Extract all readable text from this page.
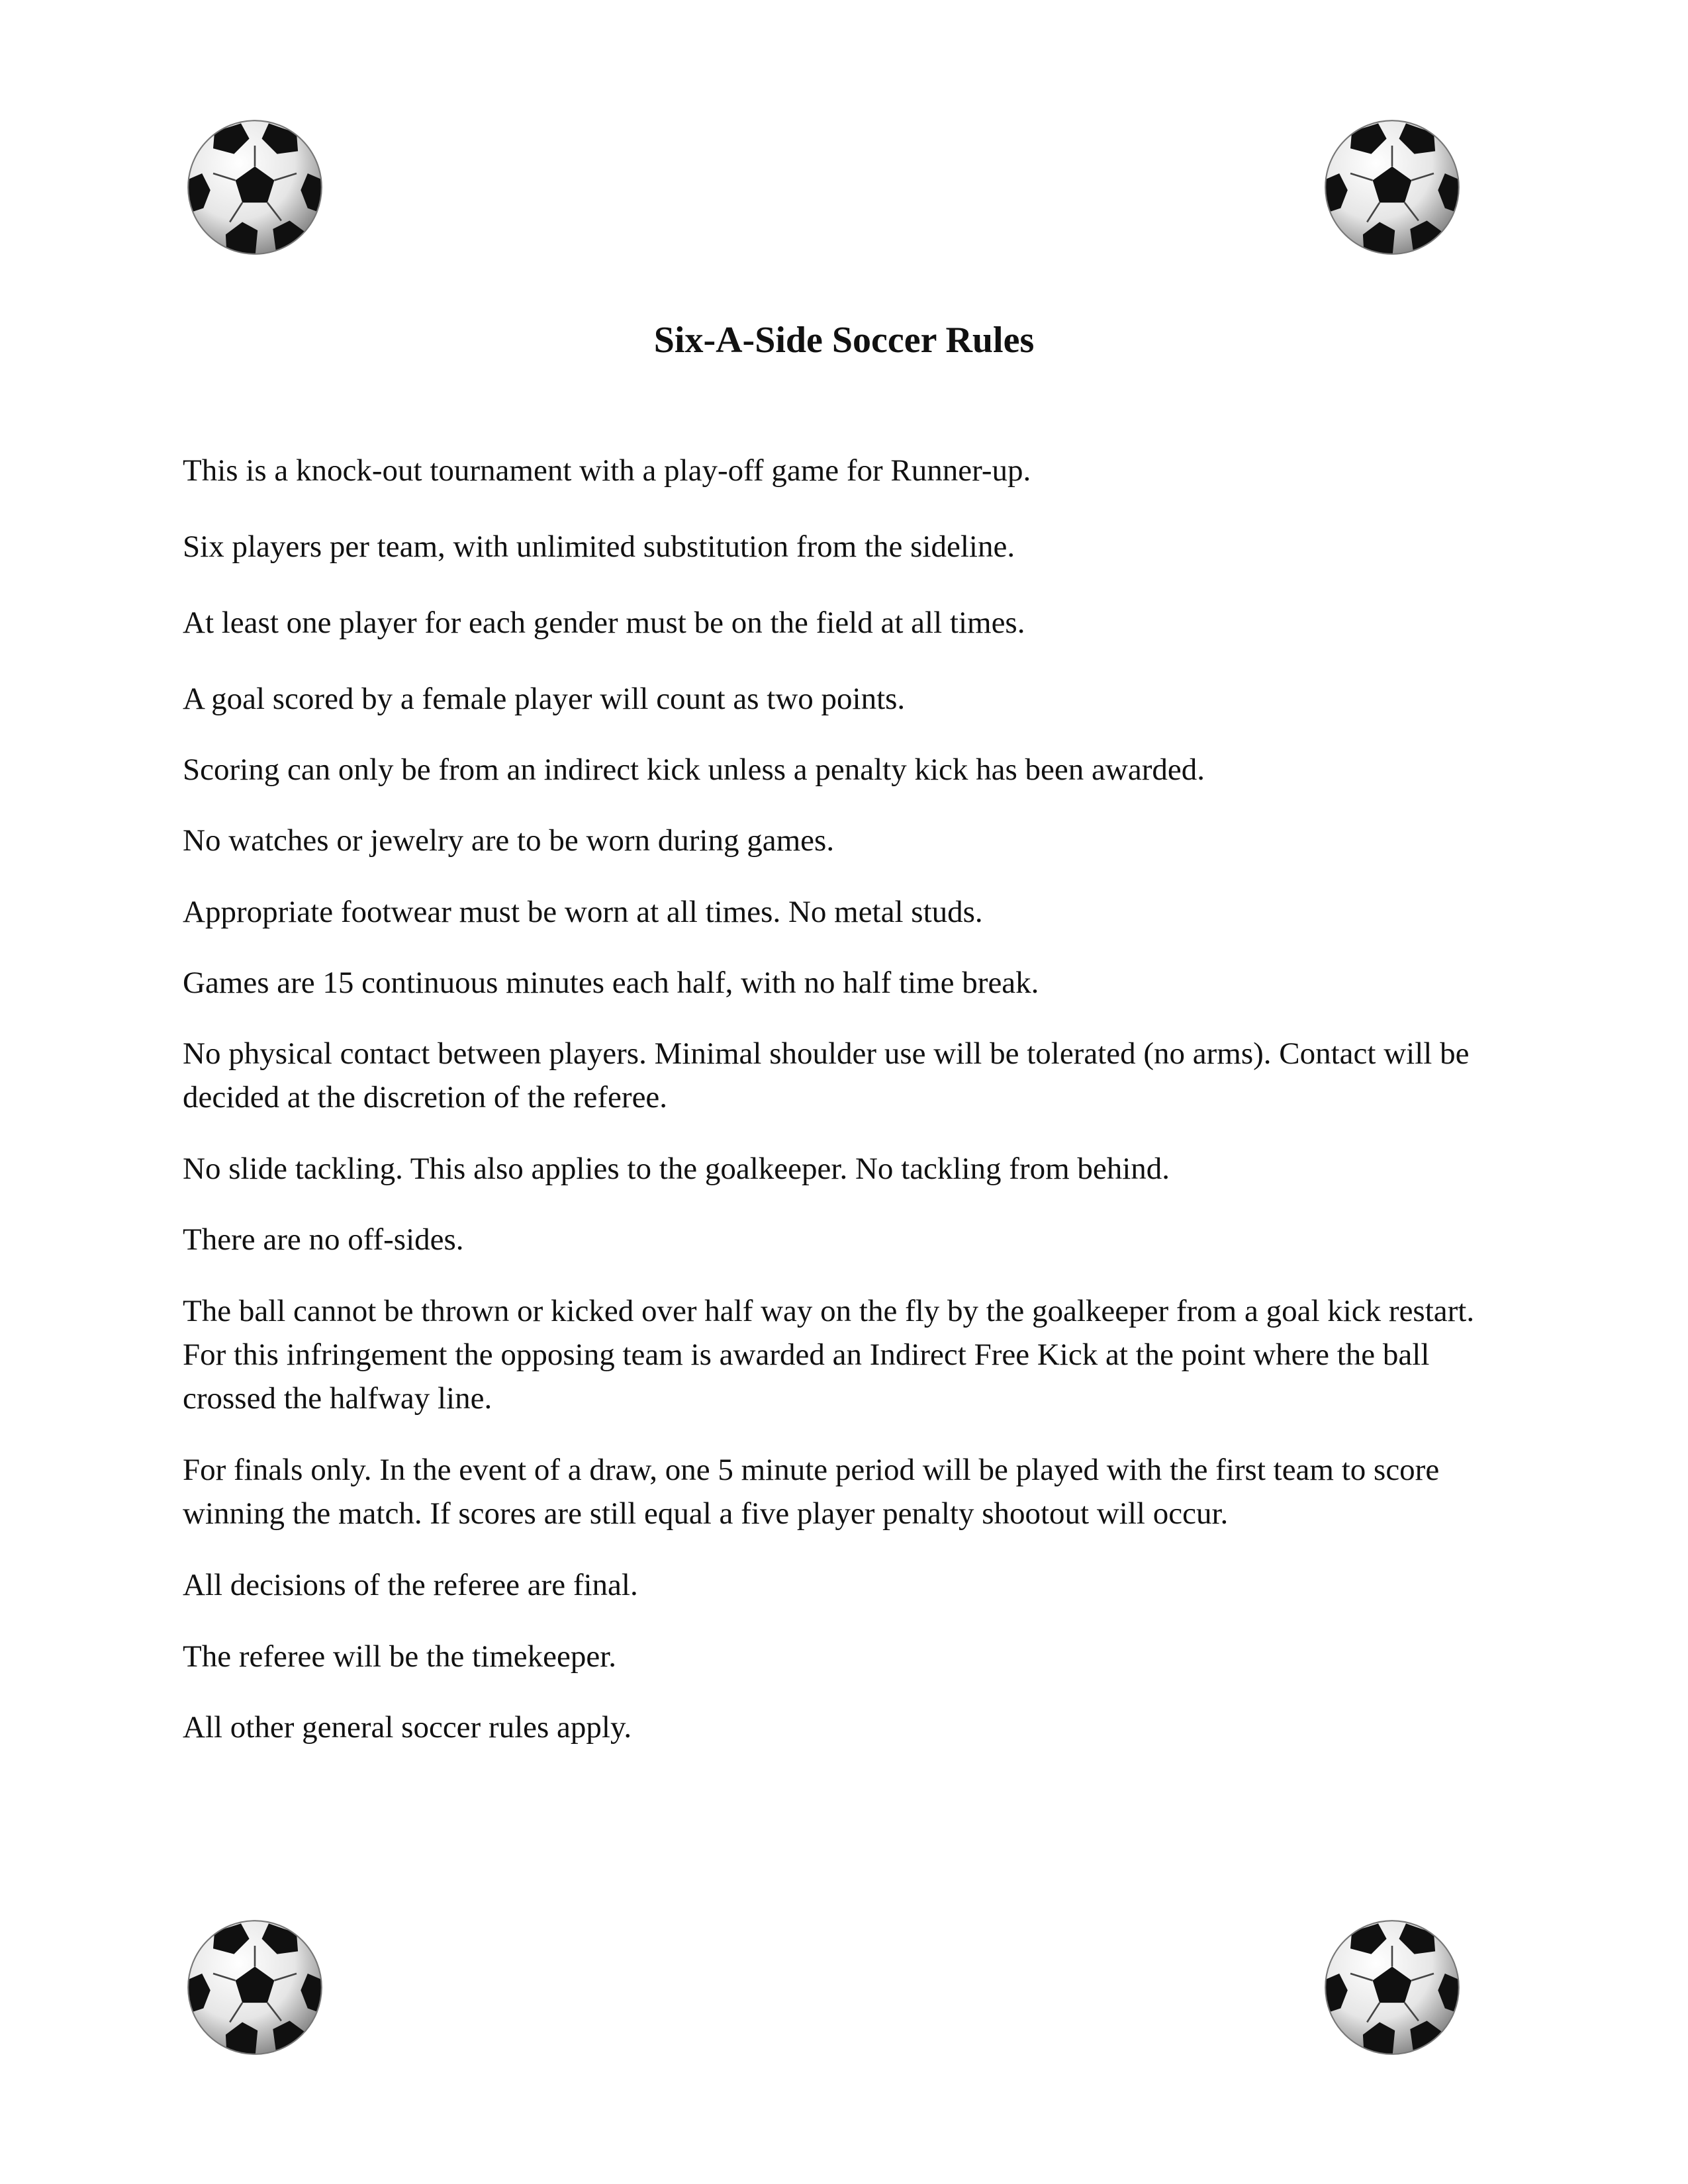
Six-A-Side Soccer Rules

This is a knock-out tournament with a play-off game for Runner-up.

Six players per team, with unlimited substitution from the sideline.

At least one player for each gender must be on the field at all times.

A goal scored by a female player will count as two points.

Scoring can only be from an indirect kick unless a penalty kick has been awarded.

No watches or jewelry are to be worn during games.

Appropriate footwear must be worn at all times. No metal studs.

Games are 15 continuous minutes each half, with no half time break.

No physical contact between players. Minimal shoulder use will be tolerated (no arms). Contact will be decided at the discretion of the referee.

No slide tackling. This also applies to the goalkeeper. No tackling from behind.

There are no off-sides.

The ball cannot be thrown or kicked over half way on the fly by the goalkeeper from a goal kick restart. For this infringement the opposing team is awarded an Indirect Free Kick at the point where the ball crossed the halfway line.

For finals only. In the event of a draw, one 5 minute period will be played with the first team to score winning the match. If scores are still equal a five player penalty shootout will occur.

All decisions of the referee are final.

The referee will be the timekeeper.

All other general soccer rules apply.
